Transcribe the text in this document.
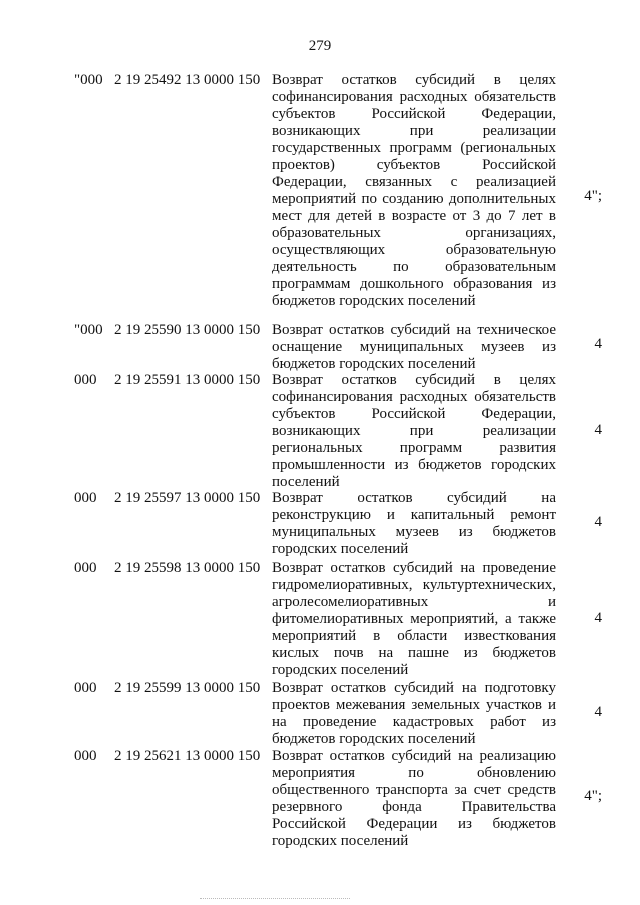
279
"000 2 19 25492 13 0000 150 Возврат остатков субсидий в целях софинансирования расходных обязательств субъектов Российской Федерации, возникающих при реализации государственных программ (региональных проектов) субъектов Российской Федерации, связанных с реализацией мероприятий по созданию дополнительных мест для детей в возрасте от 3 до 7 лет в образовательных организациях, осуществляющих образовательную деятельность по образовательным программам дошкольного образования из бюджетов городских поселений
4";
"000 2 19 25590 13 0000 150 Возврат остатков субсидий на техническое оснащение муниципальных музеев из бюджетов городских поселений
4
000 2 19 25591 13 0000 150 Возврат остатков субсидий в целях софинансирования расходных обязательств субъектов Российской Федерации, возникающих при реализации региональных программ развития промышленности из бюджетов городских поселений
4
000 2 19 25597 13 0000 150 Возврат остатков субсидий на реконструкцию и капитальный ремонт муниципальных музеев из бюджетов городских поселений
4
000 2 19 25598 13 0000 150 Возврат остатков субсидий на проведение гидромелиоративных, культуртехнических, агролесомелиоративных и фитомелиоративных мероприятий, а также мероприятий в области известкования кислых почв на пашне из бюджетов городских поселений
4
000 2 19 25599 13 0000 150 Возврат остатков субсидий на подготовку проектов межевания земельных участков и на проведение кадастровых работ из бюджетов городских поселений
4
000 2 19 25621 13 0000 150 Возврат остатков субсидий на реализацию мероприятия по обновлению общественного транспорта за счет средств резервного фонда Правительства Российской Федерации из бюджетов городских поселений
4";
